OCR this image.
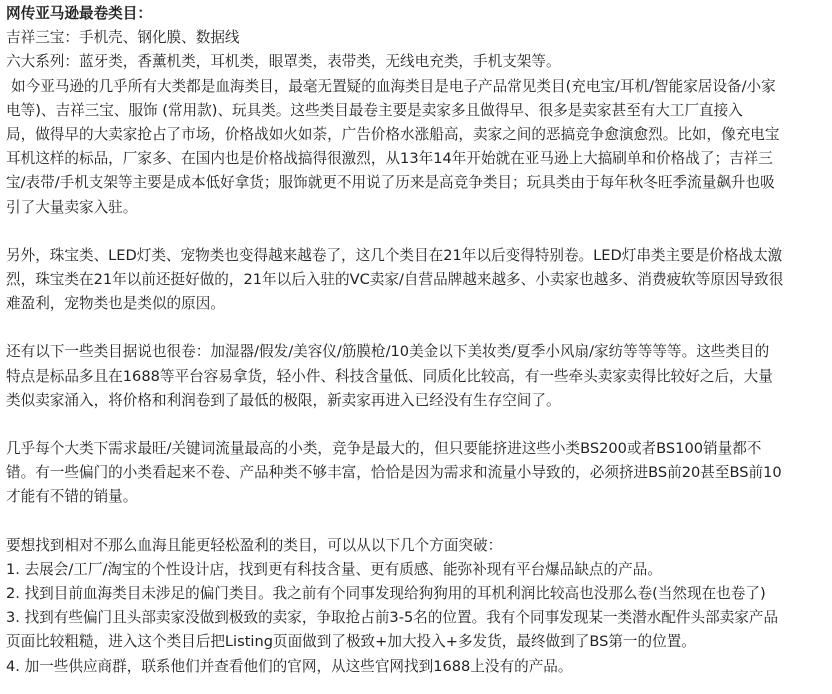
网传亚马逊最卷类目：
吉祥三宝：手机壳、钢化膜、数据线
六大系列：蓝牙类，香薰机类，耳机类，眼罩类，表带类，无线电充类，手机支架等。
如今亚马逊的几乎所有大类都是血海类目，最毫无置疑的血海类目是电子产品常见类目(充电宝/耳机/智能家居设备/小家
电等)、吉祥三宝、服饰 (常用款)、玩具类。这些类目最卷主要是卖家多且做得早、很多是卖家甚至有大工厂直接入
局，做得早的大卖家抢占了市场，价格战如火如荼，广告价格水涨船高，卖家之间的恶搞竞争愈演愈烈。比如，像充电宝
耳机这样的标品，厂家多、在国内也是价格战搞得很激烈，从13年14年开始就在亚马逊上大搞刷单和价格战了；吉祥三
宝/表带/手机支架等主要是成本低好拿货；服饰就更不用说了历来是高竞争类目；玩具类由于每年秋冬旺季流量飙升也吸
引了大量卖家入驻。
另外，珠宝类、LED灯类、宠物类也变得越来越卷了，这几个类目在21年以后变得特别卷。LED灯串类主要是价格战太激
烈，珠宝类在21年以前还挺好做的，21年以后入驻的VC卖家/自营品牌越来越多、小卖家也越多、消费疲软等原因导致很
难盈利，宠物类也是类似的原因。
还有以下一些类目据说也很卷：加湿器/假发/美容仪/筋膜枪/10美金以下美妆类/夏季小风扇/家纺等等等等。这些类目的
特点是标品多且在1688等平台容易拿货，轻小件、科技含量低、同质化比较高，有一些牵头卖家卖得比较好之后，大量
类似卖家涌入，将价格和利润卷到了最低的极限，新卖家再进入已经没有生存空间了。
几乎每个大类下需求最旺/关键词流量最高的小类，竞争是最大的，但只要能挤进这些小类BS200或者BS100销量都不
错。有一些偏门的小类看起来不卷、产品种类不够丰富，恰恰是因为需求和流量小导致的，必须挤进BS前20甚至BS前10
才能有不错的销量。
要想找到相对不那么血海且能更轻松盈利的类目，可以从以下几个方面突破：
1. 去展会/工厂/淘宝的个性设计店，找到更有科技含量、更有质感、能弥补现有平台爆品缺点的产品。
2. 找到目前血海类目未涉足的偏门类目。我之前有个同事发现给狗狗用的耳机利润比较高也没那么卷(当然现在也卷了)
3. 找到有些偏门且头部卖家没做到极致的卖家，争取抢占前3-5名的位置。我有个同事发现某一类潜水配件头部卖家产品
页面比较粗糙，进入这个类目后把Listing页面做到了极致+加大投入+多发货，最终做到了BS第一的位置。
4. 加一些供应商群，联系他们并查看他们的官网，从这些官网找到1688上没有的产品。
